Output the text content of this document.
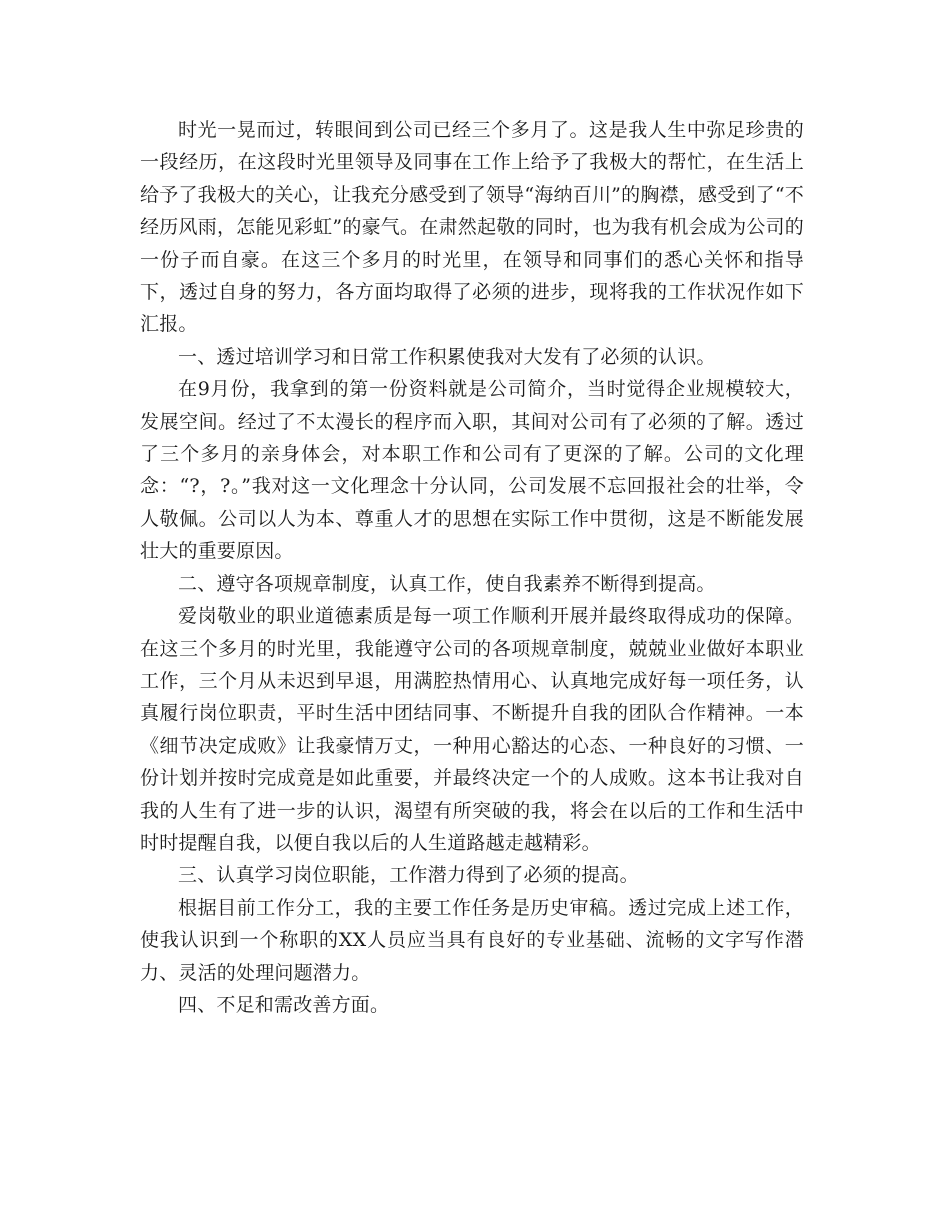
时光一晃而过，转眼间到公司已经三个多月了。这是我人生中弥足珍贵的一段经历，在这段时光里领导及同事在工作上给予了我极大的帮忙，在生活上给予了我极大的关心，让我充分感受到了领导“海纳百川”的胸襟，感受到了“不经历风雨，怎能见彩虹”的豪气。在肃然起敬的同时，也为我有机会成为公司的一份子而自豪。在这三个多月的时光里，在领导和同事们的悉心关怀和指导下，透过自身的努力，各方面均取得了必须的进步，现将我的工作状况作如下汇报。

一、透过培训学习和日常工作积累使我对大发有了必须的认识。

在9月份，我拿到的第一份资料就是公司简介，当时觉得企业规模较大，发展空间。经过了不太漫长的程序而入职，其间对公司有了必须的了解。透过了三个多月的亲身体会，对本职工作和公司有了更深的了解。公司的文化理念：“?，?。”我对这一文化理念十分认同，公司发展不忘回报社会的壮举，令人敬佩。公司以人为本、尊重人才的思想在实际工作中贯彻，这是不断能发展壮大的重要原因。

二、遵守各项规章制度，认真工作，使自我素养不断得到提高。

爱岗敬业的职业道德素质是每一项工作顺利开展并最终取得成功的保障。在这三个多月的时光里，我能遵守公司的各项规章制度，兢兢业业做好本职业工作，三个月从未迟到早退，用满腔热情用心、认真地完成好每一项任务，认真履行岗位职责，平时生活中团结同事、不断提升自我的团队合作精神。一本《细节决定成败》让我豪情万丈，一种用心豁达的心态、一种良好的习惯、一份计划并按时完成竟是如此重要，并最终决定一个的人成败。这本书让我对自我的人生有了进一步的认识，渴望有所突破的我，将会在以后的工作和生活中时时提醒自我，以便自我以后的人生道路越走越精彩。

三、认真学习岗位职能，工作潜力得到了必须的提高。

根据目前工作分工，我的主要工作任务是历史审稿。透过完成上述工作，使我认识到一个称职的XX人员应当具有良好的专业基础、流畅的文字写作潜力、灵活的处理问题潜力。

四、不足和需改善方面。
